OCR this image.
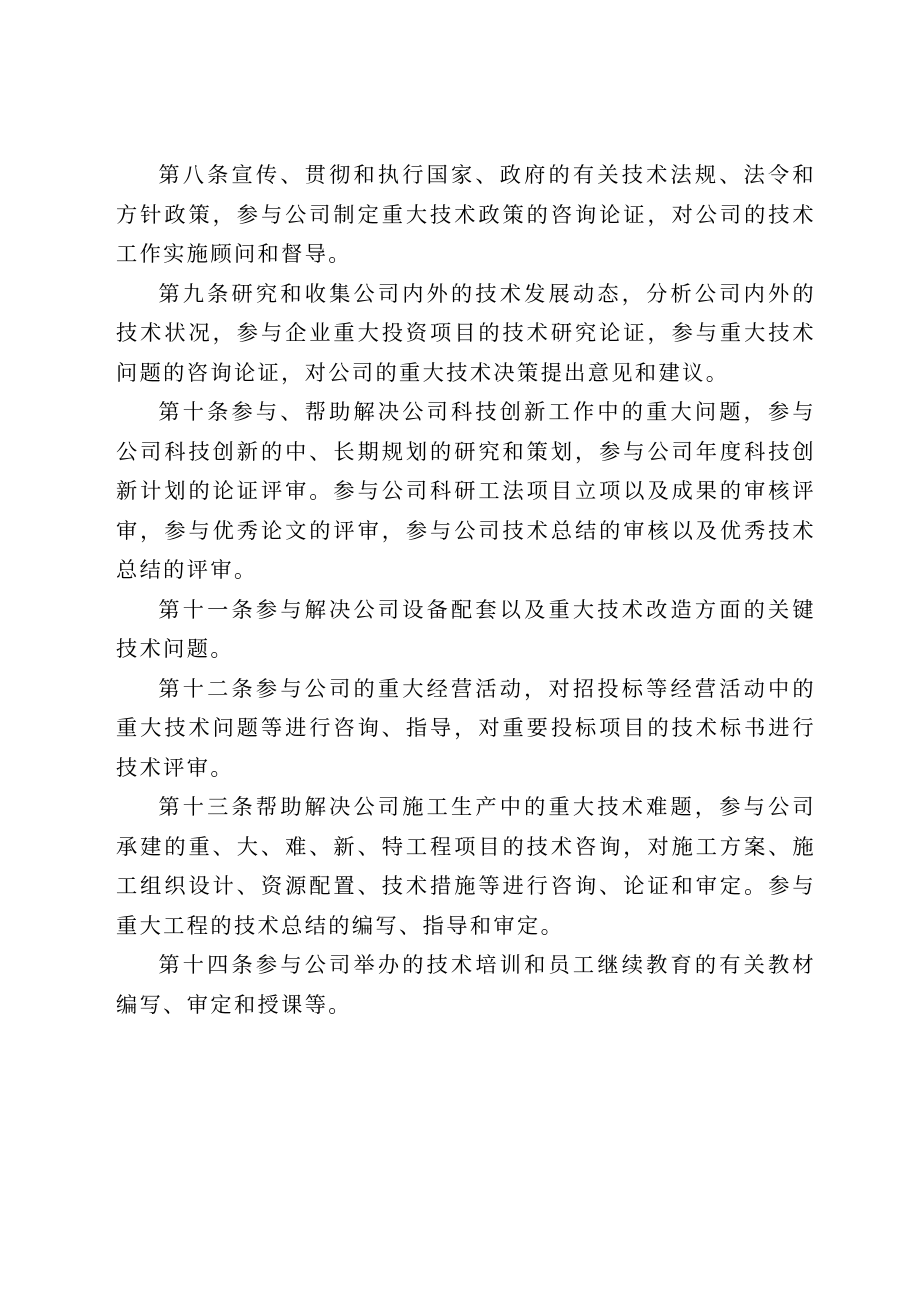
第八条宣传、贯彻和执行国家、政府的有关技术法规、法令和方针政策，参与公司制定重大技术政策的咨询论证，对公司的技术工作实施顾问和督导。

第九条研究和收集公司内外的技术发展动态，分析公司内外的技术状况，参与企业重大投资项目的技术研究论证，参与重大技术问题的咨询论证，对公司的重大技术决策提出意见和建议。

第十条参与、帮助解决公司科技创新工作中的重大问题，参与公司科技创新的中、长期规划的研究和策划，参与公司年度科技创新计划的论证评审。参与公司科研工法项目立项以及成果的审核评审，参与优秀论文的评审，参与公司技术总结的审核以及优秀技术总结的评审。

第十一条参与解决公司设备配套以及重大技术改造方面的关键技术问题。

第十二条参与公司的重大经营活动，对招投标等经营活动中的重大技术问题等进行咨询、指导，对重要投标项目的技术标书进行技术评审。

第十三条帮助解决公司施工生产中的重大技术难题，参与公司承建的重、大、难、新、特工程项目的技术咨询，对施工方案、施工组织设计、资源配置、技术措施等进行咨询、论证和审定。参与重大工程的技术总结的编写、指导和审定。

第十四条参与公司举办的技术培训和员工继续教育的有关教材编写、审定和授课等。
